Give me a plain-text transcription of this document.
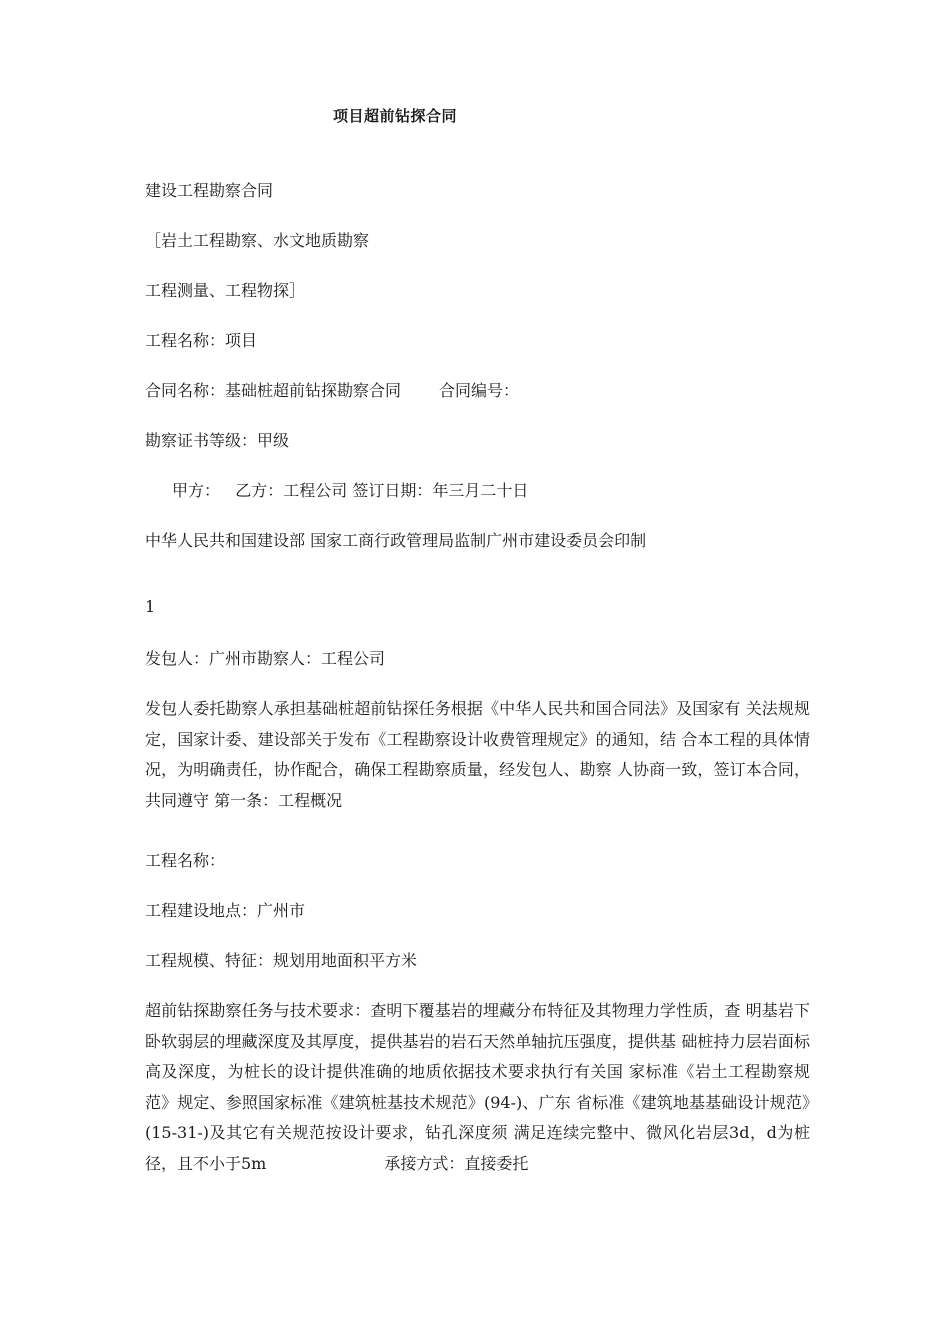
项目超前钻探合同
建设工程勘察合同
［岩土工程勘察、水文地质勘察
工程测量、工程物探］
工程名称：项目
合同名称：基础桩超前钻探勘察合同 合同编号：
勘察证书等级：甲级
甲方：   乙方：工程公司 签订日期：年三月二十日
中华人民共和国建设部 国家工商行政管理局监制广州市建设委员会印制
1
发包人：广州市勘察人：工程公司
发包人委托勘察人承担基础桩超前钻探任务根据《中华人民共和国合同法》及国家有 关法规规定，国家计委、建设部关于发布《工程勘察设计收费管理规定》的通知，结 合本工程的具体情况，为明确责任，协作配合，确保工程勘察质量，经发包人、勘察 人协商一致，签订本合同，共同遵守 第一条：工程概况
工程名称：
工程建设地点：广州市
工程规模、特征：规划用地面积平方米
超前钻探勘察任务与技术要求：查明下覆基岩的埋藏分布特征及其物理力学性质，查 明基岩下卧软弱层的埋藏深度及其厚度，提供基岩的岩石天然单轴抗压强度，提供基 础桩持力层岩面标高及深度，为桩长的设计提供准确的地质依据技术要求执行有关国 家标准《岩土工程勘察规范》规定、参照国家标准《建筑桩基技术规范》(94-)、广东 省标准《建筑地基基础设计规范》(15-31-)及其它有关规范按设计要求，钻孔深度须 满足连续完整中、微风化岩层3d，d为桩径，且不小于5m	承接方式：直接委托
